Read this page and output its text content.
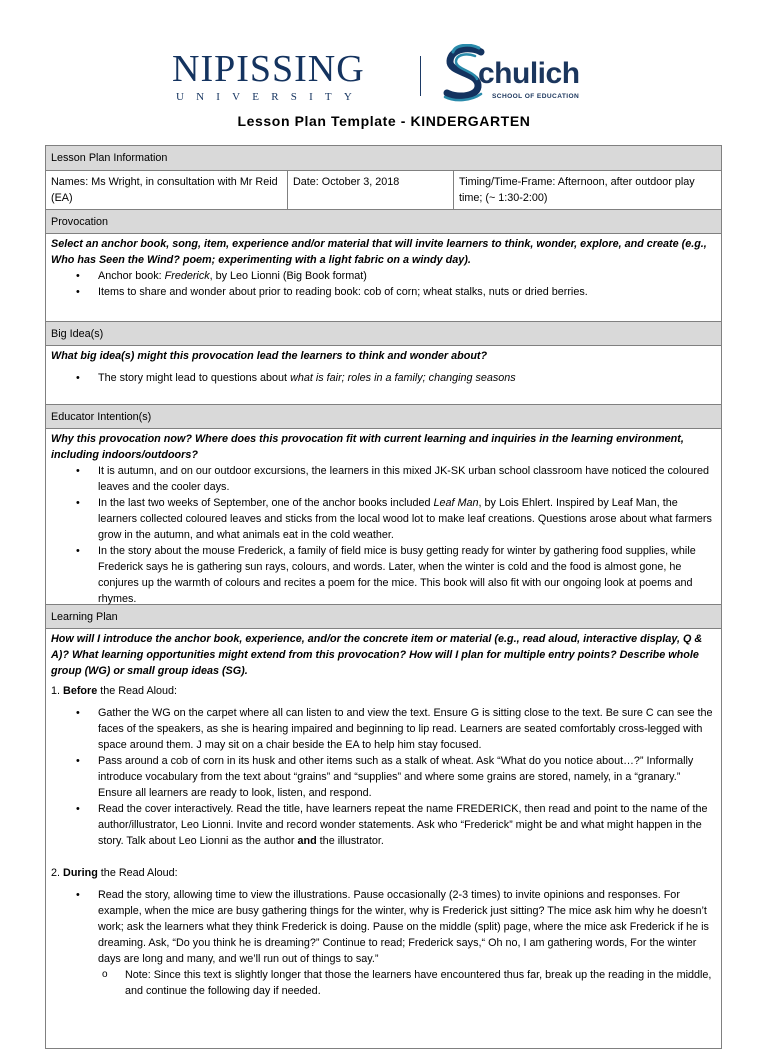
NIPISSING
UNIVERSITY
chulich
SCHOOL OF EDUCATION
Lesson Plan Template - KINDERGARTEN
Lesson Plan Information
Names: Ms Wright, in consultation with Mr Reid (EA)
Date: October 3, 2018	Timing/Time-Frame: Afternoon, after outdoor play time; (~ 1:30-2:00)
Provocation
Select an anchor book, song, item, experience and/or material that will invite learners to think, wonder, explore, and create (e.g., Who has Seen the Wind? poem; experimenting with a light fabric on a windy day).
• Anchor book: Frederick, by Leo Lionni (Big Book format)
• Items to share and wonder about prior to reading book: cob of corn; wheat stalks, nuts or dried berries.
Big Idea(s)
What big idea(s) might this provocation lead the learners to think and wonder about?
• The story might lead to questions about what is fair; roles in a family; changing seasons
Educator Intention(s)
Why this provocation now? Where does this provocation fit with current learning and inquiries in the learning environment, including indoors/outdoors?
• It is autumn, and on our outdoor excursions, the learners in this mixed JK-SK urban school classroom have noticed the coloured leaves and the cooler days.
• In the last two weeks of September, one of the anchor books included Leaf Man, by Lois Ehlert. Inspired by Leaf Man, the learners collected coloured leaves and sticks from the local wood lot to make leaf creations. Questions arose about what farmers grow in the autumn, and what animals eat in the cold weather.
• In the story about the mouse Frederick, a family of field mice is busy getting ready for winter by gathering food supplies, while Frederick says he is gathering sun rays, colours, and words. Later, when the winter is cold and the food is almost gone, he conjures up the warmth of colours and recites a poem for the mice. This book will also fit with our ongoing look at poems and rhymes.
Learning Plan
How will I introduce the anchor book, experience, and/or the concrete item or material (e.g., read aloud, interactive display, Q & A)? What learning opportunities might extend from this provocation? How will I plan for multiple entry points? Describe whole group (WG) or small group ideas (SG).
1. Before the Read Aloud:
• Gather the WG on the carpet where all can listen to and view the text. Ensure G is sitting close to the text. Be sure C can see the faces of the speakers, as she is hearing impaired and beginning to lip read. Learners are seated comfortably cross-legged with space around them. J may sit on a chair beside the EA to help him stay focused.
• Pass around a cob of corn in its husk and other items such as a stalk of wheat. Ask “What do you notice about…?” Informally introduce vocabulary from the text about “grains” and “supplies” and where some grains are stored, namely, in a “granary.”
Ensure all learners are ready to look, listen, and respond.
• Read the cover interactively. Read the title, have learners repeat the name FREDERICK, then read and point to the name of the author/illustrator, Leo Lionni. Invite and record wonder statements. Ask who “Frederick” might be and what might happen in the story. Talk about Leo Lionni as the author and the illustrator.
2. During the Read Aloud:
• Read the story, allowing time to view the illustrations. Pause occasionally (2-3 times) to invite opinions and responses. For example, when the mice are busy gathering things for the winter, why is Frederick just sitting? The mice ask him why he doesn’t work; ask the learners what they think Frederick is doing. Pause on the middle (split) page, where the mice ask Frederick if he is dreaming. Ask, “Do you think he is dreaming?” Continue to read; Frederick says,“ Oh no, I am gathering words, For the winter days are long and many, and we’ll run out of things to say.”
o Note: Since this text is slightly longer that those the learners have encountered thus far, break up the reading in the middle, and continue the following day if needed.
